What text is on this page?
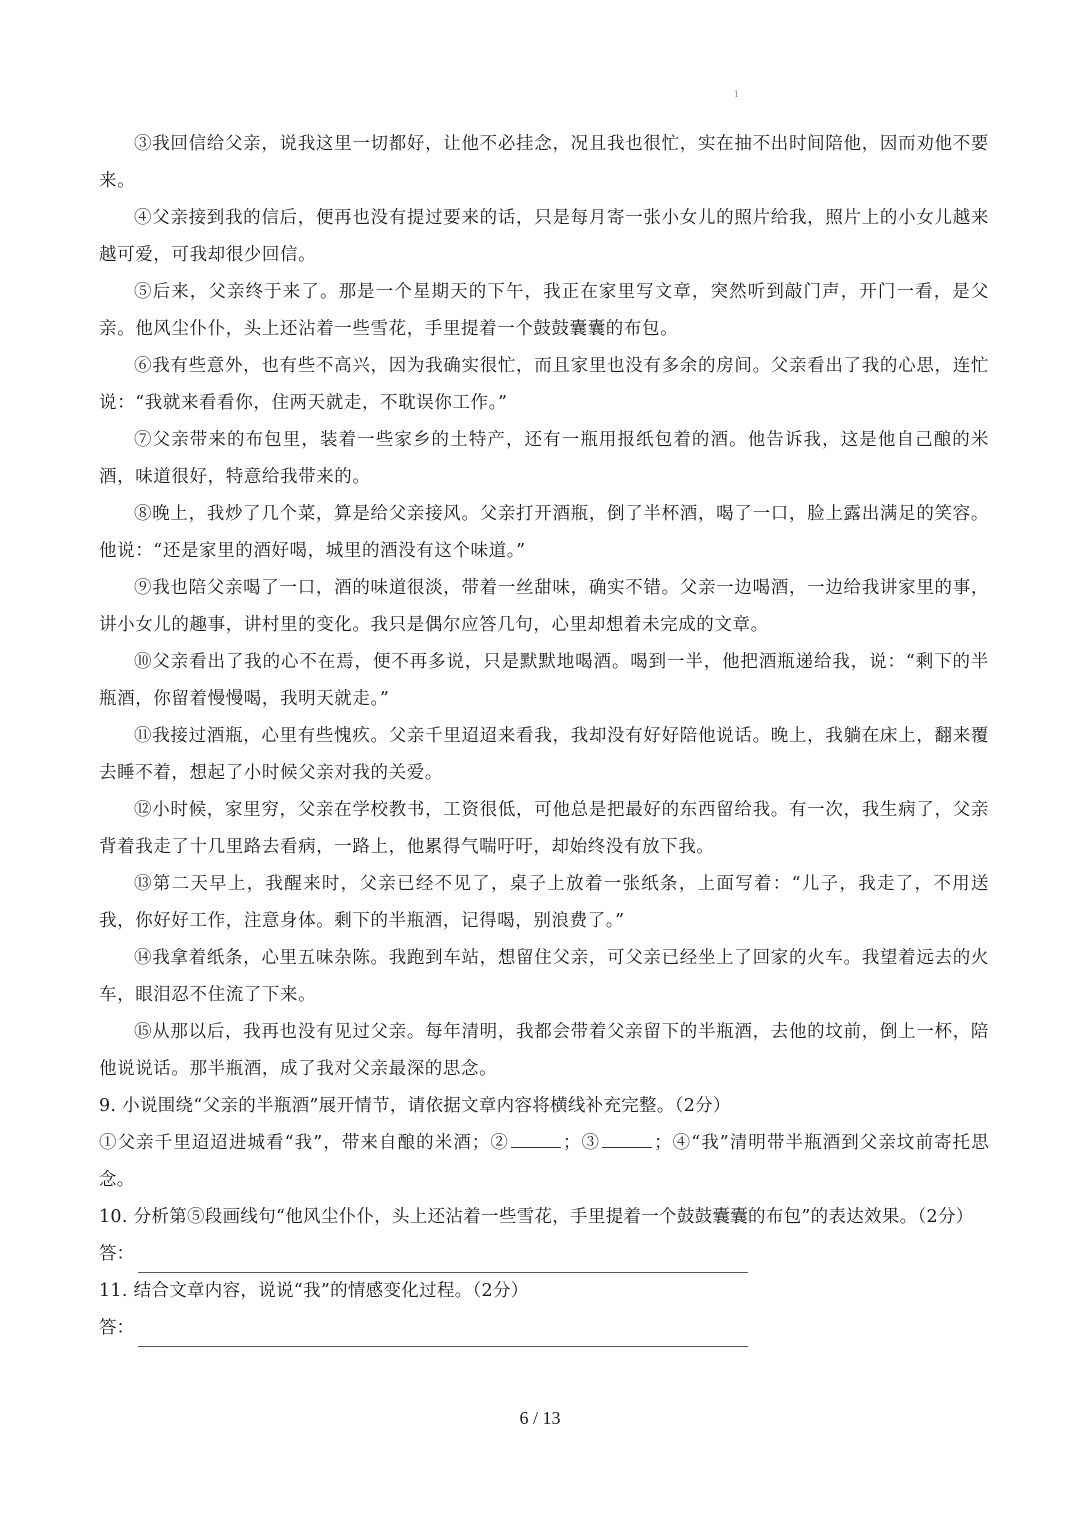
1

③我回信给父亲，说我这里一切都好，让他不必挂念，况且我也很忙，实在抽不出时间陪他，因而劝他不要来。

④父亲接到我的信后，便再也没有提过要来的话，只是每月寄一张小女儿的照片给我，照片上的小女儿越来越可爱，可我却很少回信。

⑤后来，父亲终于来了。那是一个星期天的下午，我正在家里写文章，突然听到敲门声，开门一看，是父亲。他风尘仆仆，头上还沾着一些雪花，手里提着一个鼓鼓囊囊的布包。

⑥我有些意外，也有些不高兴，因为我确实很忙，而且家里也没有多余的房间。父亲看出了我的心思，连忙说：“我就来看看你，住两天就走，不耽误你工作。”

⑦父亲带来的布包里，装着一些家乡的土特产，还有一瓶用报纸包着的酒。他告诉我，这是他自己酿的米酒，味道很好，特意给我带来的。

⑧晚上，我炒了几个菜，算是给父亲接风。父亲打开酒瓶，倒了半杯酒，喝了一口，脸上露出满足的笑容。他说：“还是家里的酒好喝，城里的酒没有这个味道。”

⑨我也陪父亲喝了一口，酒的味道很淡，带着一丝甜味，确实不错。父亲一边喝酒，一边给我讲家里的事，讲小女儿的趣事，讲村里的变化。我只是偶尔应答几句，心里却想着未完成的文章。

⑩父亲看出了我的心不在焉，便不再多说，只是默默地喝酒。喝到一半，他把酒瓶递给我，说：“剩下的半瓶酒，你留着慢慢喝，我明天就走。”

⑪我接过酒瓶，心里有些愧疚。父亲千里迢迢来看我，我却没有好好陪他说话。晚上，我躺在床上，翻来覆去睡不着，想起了小时候父亲对我的关爱。

⑫小时候，家里穷，父亲在学校教书，工资很低，可他总是把最好的东西留给我。有一次，我生病了，父亲背着我走了十几里路去看病，一路上，他累得气喘吁吁，却始终没有放下我。

⑬第二天早上，我醒来时，父亲已经不见了，桌子上放着一张纸条，上面写着：“儿子，我走了，不用送我，你好好工作，注意身体。剩下的半瓶酒，记得喝，别浪费了。”

⑭我拿着纸条，心里五味杂陈。我跑到车站，想留住父亲，可父亲已经坐上了回家的火车。我望着远去的火车，眼泪忍不住流了下来。

⑮从那以后，我再也没有见过父亲。每年清明，我都会带着父亲留下的半瓶酒，去他的坟前，倒上一杯，陪他说说话。那半瓶酒，成了我对父亲最深的思念。

9. 小说围绕“父亲的半瓶酒”展开情节，请依据文章内容将横线补充完整。（2分）

①父亲千里迢迢进城看“我”，带来自酿的米酒；②	；③	；④“我”清明带半瓶酒到父亲坟前寄托思念。

10. 分析第⑤段画线句“他风尘仆仆，头上还沾着一些雪花，手里提着一个鼓鼓囊囊的布包”的表达效果。（2分）

答：

11. 结合文章内容，说说“我”的情感变化过程。（2分）

答：
6 / 13
